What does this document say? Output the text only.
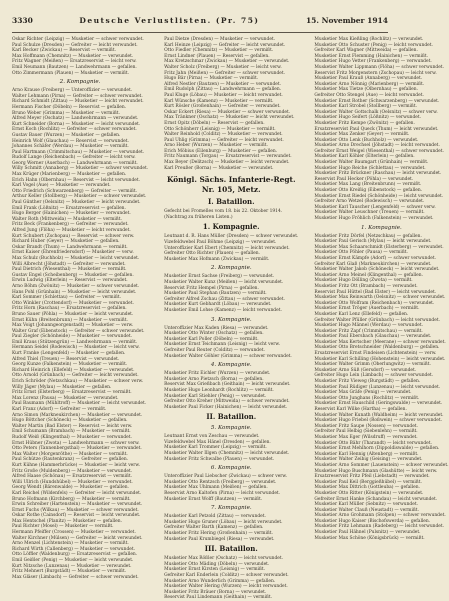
3330	Deutsche Verlustlisten. (Pr. 75)	15. November 1914
Oskar Richter (Leipzig) — Musketier — schwer verwundet.
Paul Schulze (Dresden) — Gefreiter — leicht verwundet.
Karl Becker (Zwickau) — Reservist — vermißt.
Max Hoffmann (Chemnitz) — Musketier — verwundet.
Fritz Wagner (Meißen) — Ersatzreservist — leicht verw.
Emil Neumann (Bautzen) — Landwehrmann — gefallen.
Otto Zimmermann (Plauen) — Musketier — vermißt.
2. Kompagnie.
Arno Krause (Freiberg) — Unteroffizier — verwundet.
Walter Lehmann (Pirna) — Gefreiter — schwer verwundet.
Richard Schmidt (Zittau) — Musketier — leicht verwundet.
Hermann Fischer (Döbeln) — Reservist — gefallen.
Bruno Weber (Grimma) — Musketier — vermißt.
Alfred Meyer (Oschatz) — Landwehrmann — verwundet.
Kurt Schneider (Borna) — Musketier — leicht verwundet.
Ernst Koch (Rochlitz) — Gefreiter — schwer verwundet.
Gustav Bauer (Wurzen) — Musketier — gefallen.
Heinrich Wolf (Glauchau) — Reservist — verwundet.
Johannes Schäfer (Werdau) — Musketier — vermißt.
Paul Hartmann (Crimmitschau) — Musketier — verwundet.
Rudolf Lange (Reichenbach) — Gefreiter — leicht verw.
Georg Werner (Auerbach) — Landwehrmann — vermißt.
Willy Schmitt (Annaberg) — Musketier — schwer verwundet.
Max Krüger (Marienberg) — Musketier — gefallen.
Erich Hahn (Olbernhau) — Reservist — leicht verwundet.
Karl Vogel (Aue) — Musketier — verwundet.
Otto Friedrich (Schwarzenberg) — Gefreiter — vermißt.
Arthur Keller (Stollberg) — Musketier — schwer verwundet.
Paul Günther (Oelsnitz) — Musketier — leicht verwundet.
Emil Frank (Lößnitz) — Ersatzreservist — gefallen.
Hugo Berger (Hainichen) — Musketier — verwundet.
Walter Roth (Mittweida) — Musketier — vermißt.
Fritz Beck (Frankenberg) — Gefreiter — verwundet.
Alfred Jung (Flöha) — Musketier — leicht verwundet.
Kurt Schubert (Zschopau) — Reservist — schwer verw.
Richard Huber (Geyer) — Musketier — gefallen.
Oskar Brandt (Thum) — Landwehrmann — vermißt.
Ernst Kaiser (Ehrenfriedersdorf) — Musketier — verw.
Max Schulz (Buchholz) — Musketier — leicht verwundet.
Willi Albrecht (Jöhstadt) — Gefreiter — verwundet.
Paul Dietrich (Wiesenthal) — Musketier — vermißt.
Gustav Engel (Scheibenberg) — Musketier — gefallen.
Erwin Ludwig (Elterlein) — Reservist — verwundet.
Arno Böhm (Zwönitz) — Musketier — schwer verwundet.
Hans Pohl (Grünhain) — Musketier — leicht verwundet.
Karl Sommer (Schlettau) — Gefreiter — vermißt.
Otto Winkler (Crottendorf) — Musketier — verwundet.
Fritz Horn (Raschau) — Ersatzreservist — gefallen.
Bruno Sauer (Pöhla) — Musketier — leicht verwundet.
Ernst Kühn (Breitenbrunn) — Musketier — vermißt.
Max Voigt (Johanngeorgenstadt) — Musketier — verw.
Walter Graf (Eibenstock) — Gefreiter — schwer verwundet.
Paul Ziegler (Schönheide) — Musketier — verwundet.
Emil Kraus (Stützengrün) — Landwehrmann — vermißt.
Hermann Seidel (Rodewisch) — Musketier — leicht verw.
Kurt Franke (Lengenfeld) — Musketier — gefallen.
Alfred Thiel (Treuen) — Reservist — verwundet.
Georg Kunze (Falkenstein) — Musketier — vermißt.
Richard Heinrich (Ellefeld) — Musketier — verwundet.
Otto Arnold (Grünbach) — Gefreiter — leicht verwundet.
Erich Schröder (Netzschkau) — Musketier — schwer verw.
Willy Jäger (Mylau) — Musketier — gefallen.
Fritz Ernst (Elsterberg) — Ersatzreservist — vermißt.
Max Lorenz (Pausa) — Musketier — verwundet.
Paul Baumann (Mühltroff) — Musketier — leicht verwundet.
Karl Franz (Adorf) — Gefreiter — vermißt.
Arno Simon (Markneukirchen) — Musketier — verwundet.
Hugo Böttcher (Schöneck) — Musketier — gefallen.
Walter Martin (Bad Elster) — Reservist — leicht verw.
Emil Schumann (Brambach) — Musketier — vermißt.
Rudolf Weiß (Klingenthal) — Musketier — verwundet.
Ernst Hübner (Zwota) — Landwehrmann — schwer verw.
Otto Peters (Tannenbergsthal) — Musketier — verwundet.
Max Walter (Morgenröthe) — Musketier — vermißt.
Paul Schütze (Rautenkranz) — Gefreiter — gefallen.
Kurt Kühne (Hammerbrücke) — Musketier — leicht verw.
Fritz Große (Muldenberg) — Musketier — verwundet.
Alfred Haase (Schönau) — Ersatzreservist — vermißt.
Willi Ullrich (Hundshübel) — Musketier — verwundet.
Georg Wendt (Bärenwalde) — Musketier — gefallen.
Karl Reichel (Wildenfels) — Gefreiter — leicht verwundet.
Bruno Hofmann (Kirchberg) — Musketier — vermißt.
Erwin Schreiber (Hartenstein) — Musketier — verwundet.
Ernst Fuchs (Wilkau) — Musketier — schwer verwundet.
Oskar Rothe (Cainsdorf) — Reservist — leicht verwundet.
Max Hentschel (Planitz) — Musketier — gefallen.
Paul Richter (Mosel) — Musketier — vermißt.
Hermann Pfeiffer (Crossen) — Musketier — verwundet.
Walter Kirchner (Mülsen) — Gefreiter — leicht verwundet.
Arno Menzel (Lichtenstein) — Musketier — vermißt.
Richard Wirth (Callenberg) — Musketier — verwundet.
Otto Löffler (Waldenburg) — Ersatzreservist — gefallen.
Emil Geißler (Penig) — Musketier — leicht verwundet.
Kurt Nitzsche (Lunzenau) — Musketier — verwundet.
Fritz Mehnert (Burgstädt) — Musketier — vermißt.
Max Gläser (Limbach) — Gefreiter — schwer verwundet.
Paul Dietze (Dresden) — Musketier — verwundet.
Karl Heinze (Leipzig) — Gefreiter — leicht verwundet.
Otto Fiedler (Chemnitz) — Musketier — vermißt.
Ernst Lindner (Plauen) — Reservist — gefallen.
Max Kretzschmar (Zwickau) — Musketier — verwundet.
Walter Scholz (Freiberg) — Musketier — leicht verw.
Fritz Jahn (Meißen) — Gefreiter — schwer verwundet.
Hugo Bär (Pirna) — Musketier — vermißt.
Alfred Nestler (Bautzen) — Musketier — verwundet.
Emil Rudolph (Zittau) — Landwehrmann — gefallen.
Paul Kluge (Löbau) — Musketier — leicht verwundet.
Karl Wünsche (Kamenz) — Musketier — vermißt.
Kurt Rösler (Großenhain) — Gefreiter — verwundet.
Oskar Eckert (Riesa) — Musketier — schwer verwundet.
Max Tränkner (Oschatz) — Musketier — leicht verwundet.
Ernst Opitz (Döbeln) — Reservist — gefallen.
Otto Schönherr (Leisnig) — Musketier — vermißt.
Walter Reinhold (Colditz) — Musketier — verwundet.
Paul Uhlig (Grimma) — Gefreiter — leicht verwundet.
Arno Heber (Wurzen) — Musketier — vermißt.
Erich Möbius (Eilenburg) — Musketier — gefallen.
Fritz Naumann (Torgau) — Ersatzreservist — verwundet.
Max Beyer (Delitzsch) — Musketier — leicht verwundet.
Karl Preußer (Borna) — Musketier — verwundet.
Königl. Sächs. Infanterie-Regt. Nr. 105, Metz.
I. Bataillon.
Gefecht bei Fromelles vom 18. bis 22. Oktober 1914.
(Nachtrag zu früheren Listen.)
1. Kompagnie.
Leutnant d. R. Hans Müller (Dresden) — schwer verwundet.
Vizefeldwebel Paul Böhme (Leipzig) — verwundet.
Unteroffizier Karl Ebert (Chemnitz) — leicht verwundet.
Gefreiter Otto Richter (Plauen) — gefallen.
Musketier Max Hofmann (Zwickau) — vermißt.
2. Kompagnie.
Musketier Ernst Sachse (Freiberg) — verwundet.
Musketier Walter Kunz (Meißen) — leicht verwundet.
Reservist Fritz Hempel (Pirna) — gefallen.
Musketier Paul Stephan (Bautzen) — vermißt.
Gefreiter Alfred Zschau (Zittau) — schwer verwundet.
Musketier Kurt Gebhardt (Löbau) — verwundet.
Musketier Emil Lohse (Kamenz) — leicht verwundet.
3. Kompagnie.
Unteroffizier Max Kaden (Riesa) — verwundet.
Musketier Otto Winter (Oschatz) — gefallen.
Musketier Karl Poller (Döbeln) — vermißt.
Musketier Ernst Teichmann (Leisnig) — leicht verw.
Gefreiter Paul Reuter (Colditz) — verwundet.
Musketier Walter Göhler (Grimma) — schwer verwundet.
4. Kompagnie.
Musketier Fritz Eichler (Wurzen) — verwundet.
Musketier Arno Pietzsch (Borna) — gefallen.
Reservist Max Grießbach (Geithain) — leicht verwundet.
Musketier Hugo Leonhardt (Rochlitz) — vermißt.
Musketier Karl Stiehler (Penig) — verwundet.
Gefreiter Otto Kreher (Mittweida) — schwer verwundet.
Musketier Paul Ficker (Hainichen) — leicht verwundet.
II. Bataillon.
5. Kompagnie.
Leutnant Ernst von Zeschau — verwundet.
Vizefeldwebel Max Hänel (Dresden) — gefallen.
Musketier Karl Trommer (Leipzig) — vermißt.
Musketier Walter Illgen (Chemnitz) — leicht verwundet.
Musketier Fritz Schwalbe (Plauen) — verwundet.
6. Kompagnie.
Unteroffizier Paul Liebscher (Zwickau) — schwer verw.
Musketier Otto Rentzsch (Freiberg) — verwundet.
Musketier Max Uhlmann (Meißen) — gefallen.
Reservist Arno Kaltofen (Pirna) — leicht verwundet.
Musketier Ernst Wolff (Bautzen) — vermißt.
7. Kompagnie.
Musketier Karl Petzold (Zittau) — verwundet.
Musketier Hugo Gruner (Löbau) — leicht verwundet.
Gefreiter Walter Barth (Kamenz) — gefallen.
Musketier Fritz Hering (Großenhain) — vermißt.
Musketier Paul Krumbiegel (Riesa) — verwundet.
III. Bataillon.
Musketier Max Rößler (Oschatz) — leicht verwundet.
Musketier Otto Mäding (Döbeln) — verwundet.
Musketier Ernst Kirsten (Leisnig) — vermißt.
Gefreiter Karl Enderlein (Colditz) — schwer verwundet.
Musketier Arno Wunderlich (Grimma) — gefallen.
Musketier Walter Hering (Wurzen) — leicht verwundet.
Musketier Fritz Bräuer (Borna) — verwundet.
Reservist Paul Lindemann (Geithain) — vermißt.
Musketier Max Kießling (Rochlitz) — verwundet.
Musketier Otto Schuster (Penig) — leicht verwundet.
Gefreiter Karl Wagner (Mittweida) — gefallen.
Musketier Ernst Flemming (Hainichen) — vermißt.
Musketier Hugo Vetter (Frankenberg) — verwundet.
Musketier Walter Lippmann (Flöha) — schwer verwundet.
Reservist Fritz Morgenstern (Zschopau) — leicht verw.
Musketier Paul Krauß (Annaberg) — verwundet.
Musketier Arno Nönnig (Marienberg) — vermißt.
Musketier Max Tietze (Olbernhau) — gefallen.
Gefreiter Otto Stengel (Aue) — leicht verwundet.
Musketier Ernst Rother (Schwarzenberg) — verwundet.
Musketier Karl Strobel (Stollberg) — vermißt.
Musketier Walter Gottschalk (Oelsnitz) — schwer verw.
Musketier Hugo Seifert (Lößnitz) — verwundet.
Musketier Fritz Kempe (Zwönitz) — gefallen.
Ersatzreservist Paul Queck (Thum) — leicht verwundet.
Musketier Max Zenker (Geyer) — vermißt.
Musketier Otto Lenk (Buchholz) — verwundet.
Musketier Arno Drechsel (Jöhstadt) — leicht verwundet.
Gefreiter Ernst Weigel (Wiesenthal) — schwer verwundet.
Musketier Karl Köhler (Elterlein) — gefallen.
Musketier Walter Baumgart (Grünhain) — vermißt.
Musketier Hugo Reiche (Schlettau) — verwundet.
Musketier Fritz Brückner (Raschau) — leicht verwundet.
Reservist Paul Hecker (Pöhla) — verwundet.
Musketier Max Lang (Breitenbrunn) — vermißt.
Musketier Otto Kreißig (Eibenstock) — gefallen.
Musketier Ernst Riedel (Schönheide) — leicht verwundet.
Gefreiter Arno Wetzel (Rodewisch) — verwundet.
Musketier Karl Tauscher (Lengenfeld) — schwer verw.
Musketier Walter Leuschner (Treuen) — vermißt.
Musketier Hugo Fröhlich (Falkenstein) — verwundet.
1. Kompagnie.
Musketier Fritz Dörfel (Netzschkau) — gefallen.
Musketier Paul Gerisch (Mylau) — leicht verwundet.
Musketier Max Schaarschmidt (Elsterberg) — verwundet.
Musketier Otto Pöhler (Pausa) — vermißt.
Musketier Ernst Kämpfe (Adorf) — schwer verwundet.
Gefreiter Karl Glaß (Markneukirchen) — verwundet.
Musketier Walter Jakob (Schöneck) — leicht verwundet.
Musketier Arno Meinel (Klingenthal) — gefallen.
Musketier Hugo Dölling (Zwota) — vermißt.
Musketier Fritz Ott (Brambach) — verwundet.
Reservist Paul Hüttel (Bad Elster) — leicht verwundet.
Musketier Max Reinwarth (Oelsnitz) — schwer verwundet.
Musketier Otto Wolfram (Reichenbach) — verwundet.
Musketier Ernst Tröger (Auerbach) — vermißt.
Musketier Karl Lenz (Ellefeld) — gefallen.
Gefreiter Walter Pfüller (Grünbach) — leicht verwundet.
Musketier Hugo Männel (Werdau) — verwundet.
Musketier Fritz Zapf (Crimmitschau) — vermißt.
Musketier Paul Ebersbach (Glauchau) — verwundet.
Musketier Max Kertscher (Meerane) — schwer verwundet.
Musketier Otto Bretschneider (Waldenburg) — gefallen.
Ersatzreservist Ernst Findeisen (Lichtenstein) — verw.
Musketier Karl Schilling (Hohenstein) — leicht verwundet.
Musketier Walter Grimm (Oberlungwitz) — vermißt.
Musketier Arno Süß (Gersdorf) — verwundet.
Gefreiter Hugo Lein (Limbach) — schwer verwundet.
Musketier Fritz Vieweg (Burgstädt) — gefallen.
Musketier Paul Rüdiger (Lunzenau) — leicht verwundet.
Musketier Max Gräfe (Penig) — verwundet.
Musketier Otto Junghans (Rochlitz) — vermißt.
Musketier Ernst Hauschild (Geringswalde) — verwundet.
Reservist Karl Wilke (Hartha) — gefallen.
Musketier Walter Kunath (Waldheim) — leicht verwundet.
Musketier Hugo Friebel (Roßwein) — schwer verwundet.
Musketier Fritz Saupe (Nossen) — verwundet.
Gefreiter Paul Helbig (Siebenlehn) — vermißt.
Musketier Max Eger (Wilsdruff) — verwundet.
Musketier Otto Bähr (Tharandt) — leicht verwundet.
Musketier Ernst Mehlhorn (Dippoldiswalde) — gefallen.
Musketier Karl Hennig (Altenberg) — vermißt.
Musketier Walter Zeibig (Geising) — verwundet.
Musketier Arno Sommer (Lauenstein) — schwer verwundet.
Musketier Hugo Buschmann (Glashütte) — leicht verw.
Ersatzreservist Fritz Pfeil (Liebstadt) — verwundet.
Musketier Paul Keil (Berggießhübel) — vermißt.
Musketier Max Dittrich (Gottleuba) — gefallen.
Musketier Otto Ritter (Königstein) — verwundet.
Gefreiter Ernst Hanke (Schandau) — leicht verwundet.
Musketier Karl Müller (Sebnitz) — verwundet.
Musketier Walter Clauß (Neustadt) — vermißt.
Musketier Arno Grohmann (Stolpen) — schwer verwundet.
Musketier Hugo Kaiser (Bischofswerda) — gefallen.
Musketier Fritz Lehmann (Radeberg) — leicht verwundet.
Musketier Paul Hähnel (Pulsnitz) — verwundet.
Musketier Max Schöne (Königsbrück) — vermißt.
